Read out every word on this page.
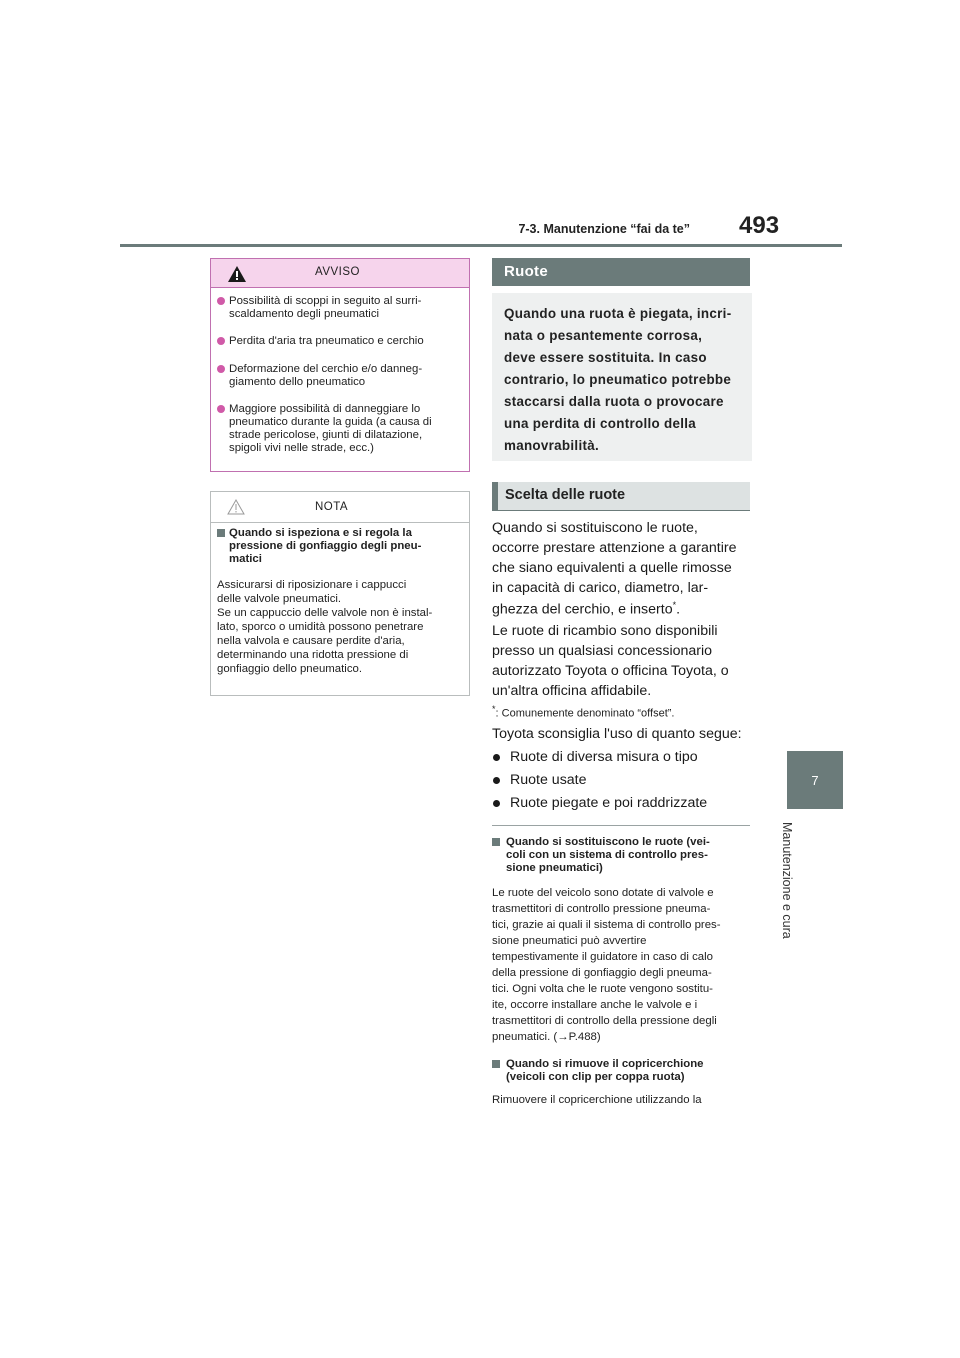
7-3. Manutenzione “fai da te” 493
7
Manutenzione e cura
AVVISO
Possibilità di scoppi in seguito al surri-
scaldamento degli pneumatici
Perdita d'aria tra pneumatico e cerchio
Deformazione del cerchio e/o danneg-
giamento dello pneumatico
Maggiore possibilità di danneggiare lo
pneumatico durante la guida (a causa di
strade pericolose, giunti di dilatazione,
spigoli vivi nelle strade, ecc.)
NOTA
Quando si ispeziona e si regola la
pressione di gonfiaggio degli pneu-
matici
Assicurarsi di riposizionare i cappucci
delle valvole pneumatici.
Se un cappuccio delle valvole non è instal-
lato, sporco o umidità possono penetrare
nella valvola e causare perdite d'aria,
determinando una ridotta pressione di
gonfiaggio dello pneumatico.
Ruote
Quando una ruota è piegata, incri-
nata o pesantemente corrosa,
deve essere sostituita. In caso
contrario, lo pneumatico potrebbe
staccarsi dalla ruota o provocare
una perdita di controllo della
manovrabilità.
Scelta delle ruote
Quando si sostituiscono le ruote,
occorre prestare attenzione a garantire
che siano equivalenti a quelle rimosse
in capacità di carico, diametro, lar-
ghezza del cerchio, e inserto*.
Le ruote di ricambio sono disponibili
presso un qualsiasi concessionario
autorizzato Toyota o officina Toyota, o
un'altra officina affidabile.
*: Comunemente denominato “offset”.
Toyota sconsiglia l'uso di quanto segue:
Ruote di diversa misura o tipo
Ruote usate
Ruote piegate e poi raddrizzate
Quando si sostituiscono le ruote (vei-
coli con un sistema di controllo pres-
sione pneumatici)
Le ruote del veicolo sono dotate di valvole e
trasmettitori di controllo pressione pneuma-
tici, grazie ai quali il sistema di controllo pres-
sione pneumatici può avvertire
tempestivamente il guidatore in caso di calo
della pressione di gonfiaggio degli pneuma-
tici. Ogni volta che le ruote vengono sostitu-
ite, occorre installare anche le valvole e i
trasmettitori di controllo della pressione degli
pneumatici. (→P.488)
Quando si rimuove il copricerchione
(veicoli con clip per coppa ruota)
Rimuovere il copricerchione utilizzando la
